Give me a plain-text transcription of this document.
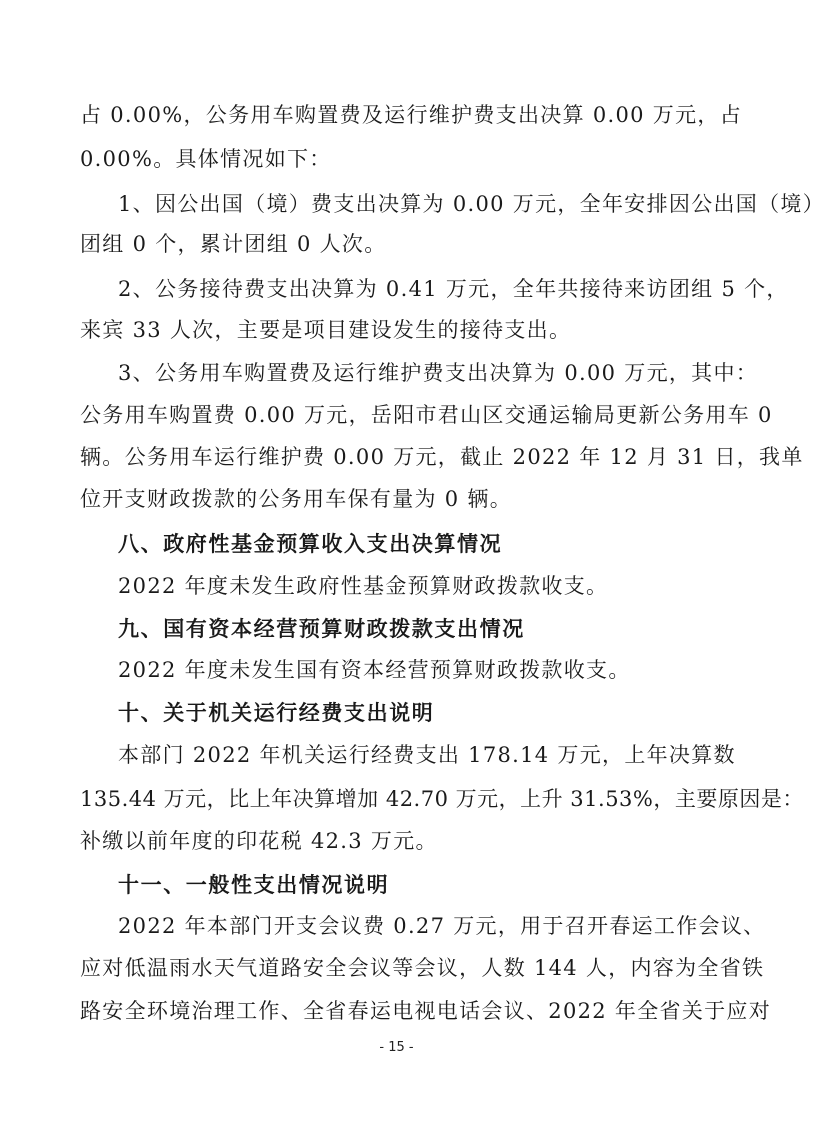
占 0.00%，公务用车购置费及运行维护费支出决算 0.00 万元，占
0.00%。具体情况如下：
1、因公出国（境）费支出决算为 0.00 万元，全年安排因公出国（境）
团组 0 个，累计团组 0 人次。
2、公务接待费支出决算为 0.41 万元，全年共接待来访团组 5 个，
来宾 33 人次，主要是项目建设发生的接待支出。
3、公务用车购置费及运行维护费支出决算为 0.00 万元，其中：
公务用车购置费 0.00 万元，岳阳市君山区交通运输局更新公务用车 0
辆。公务用车运行维护费 0.00 万元，截止 2022 年 12 月 31 日，我单
位开支财政拨款的公务用车保有量为 0 辆。
八、政府性基金预算收入支出决算情况
2022 年度未发生政府性基金预算财政拨款收支。
九、国有资本经营预算财政拨款支出情况
2022 年度未发生国有资本经营预算财政拨款收支。
十、关于机关运行经费支出说明
本部门 2022 年机关运行经费支出 178.14 万元，上年决算数
135.44 万元，比上年决算增加 42.70 万元，上升 31.53%，主要原因是：
补缴以前年度的印花税 42.3 万元。
十一、一般性支出情况说明
2022 年本部门开支会议费 0.27 万元，用于召开春运工作会议、
应对低温雨水天气道路安全会议等会议，人数 144 人，内容为全省铁
路安全环境治理工作、全省春运电视电话会议、2022 年全省关于应对
- 15 -
